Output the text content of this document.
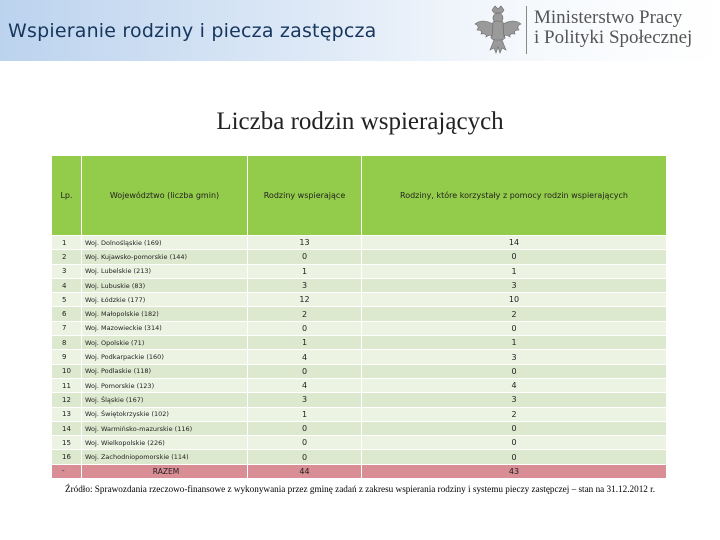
Wspieranie rodziny i piecza zastępcza
Ministerstwo Pracy
i Polityki Społecznej
Liczba rodzin wspierających
Lp.	Województwo (liczba gmin)	Rodziny wspierające	Rodziny, które korzystały z pomocy rodzin wspierających
1	Woj. Dolnośląskie (169)	13	14
2	Woj. Kujawsko-pomorskie (144)	0	0
3	Woj. Lubelskie (213)	1	1
4	Woj. Lubuskie (83)	3	3
5	Woj. Łódzkie (177)	12	10
6	Woj. Małopolskie (182)	2	2
7	Woj. Mazowieckie (314)	0	0
8	Woj. Opolskie (71)	1	1
9	Woj. Podkarpackie (160)	4	3
10	Woj. Podlaskie (118)	0	0
11	Woj. Pomorskie (123)	4	4
12	Woj. Śląskie (167)	3	3
13	Woj. Świętokrzyskie (102)	1	2
14	Woj. Warmińsko-mazurskie (116)	0	0
15	Woj. Wielkopolskie (226)	0	0
16	Woj. Zachodniopomorskie (114)	0	0
-	RAZEM	44	43
Źródło: Sprawozdania rzeczowo-finansowe z wykonywania przez gminę zadań z zakresu wspierania rodziny i systemu pieczy zastępczej – stan na 31.12.2012 r.
